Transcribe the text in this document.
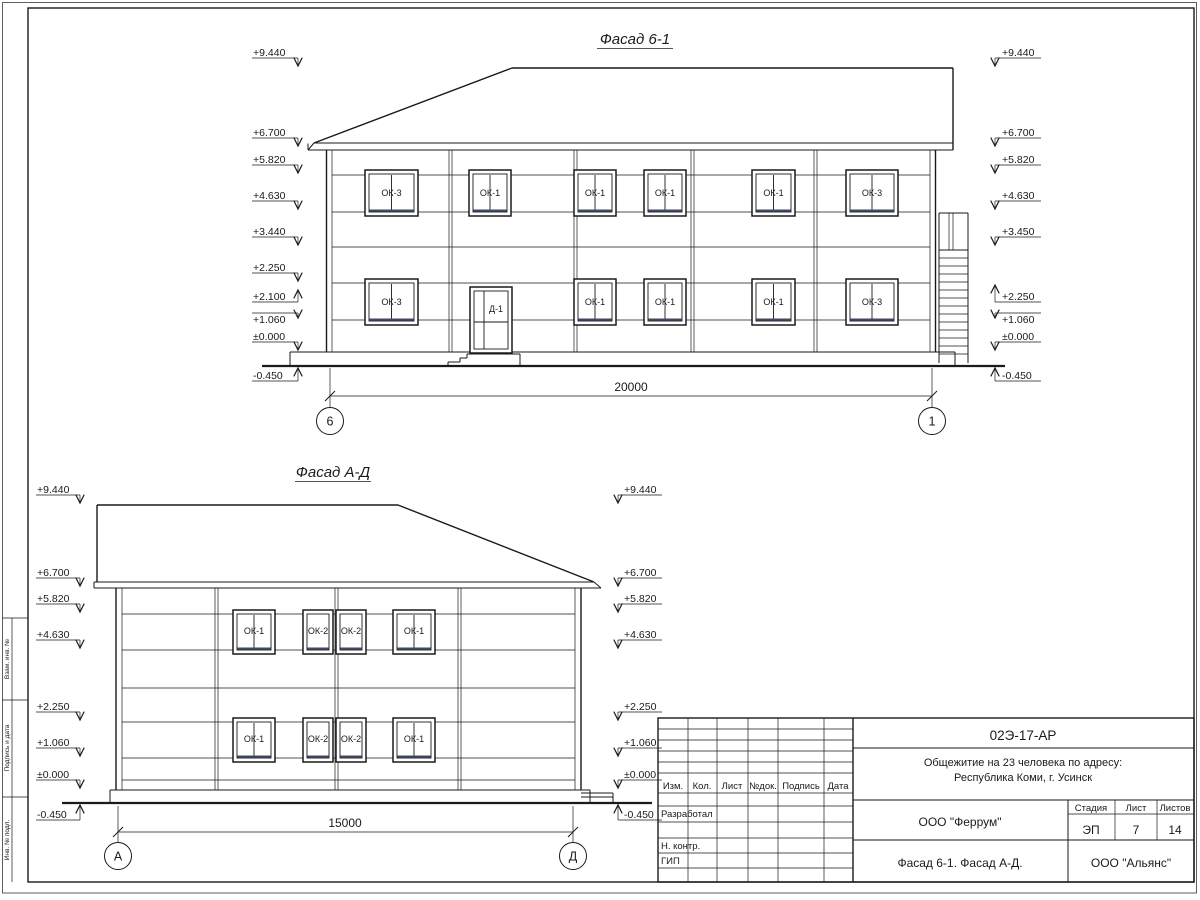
Взам. инв. №
Подпись и дата
Инв. № подл.
Фасад 6-1
ОК-3	ОК-1	ОК-1	ОК-1	ОК-1	ОК-3
ОК-3	ОК-1	ОК-1	ОК-1	ОК-3
Д-1
+9.440
+6.700
+5.820
+4.630
+3.440
+2.250
+2.100
+1.060
±0.000
-0.450
+9.440
+6.700
+5.820
+4.630
+3.450
+2.250
+1.060
±0.000
-0.450
20000
6	1
Фасад А-Д
ОК-1	ОК-2 ОК-2	ОК-1
ОК-1	ОК-2 ОК-2	ОК-1
+9.440
+6.700
+5.820
+4.630
+2.250
+1.060
±0.000
-0.450
+9.440
+6.700
+5.820
+4.630
+2.250
+1.060
±0.000
-0.450
15000
А	Д
Изм. Кол. Лист №док. Подпись Дата
Разработал
Н. контр.
ГИП
02Э-17-АР
Общежитие на 23 человека по адресу:
Республика Коми, г. Усинск
ООО "Феррум"
Стадия Лист Листов
ЭП	7 14
Фасад 6-1. Фасад А-Д.	ООО "Альянс"
